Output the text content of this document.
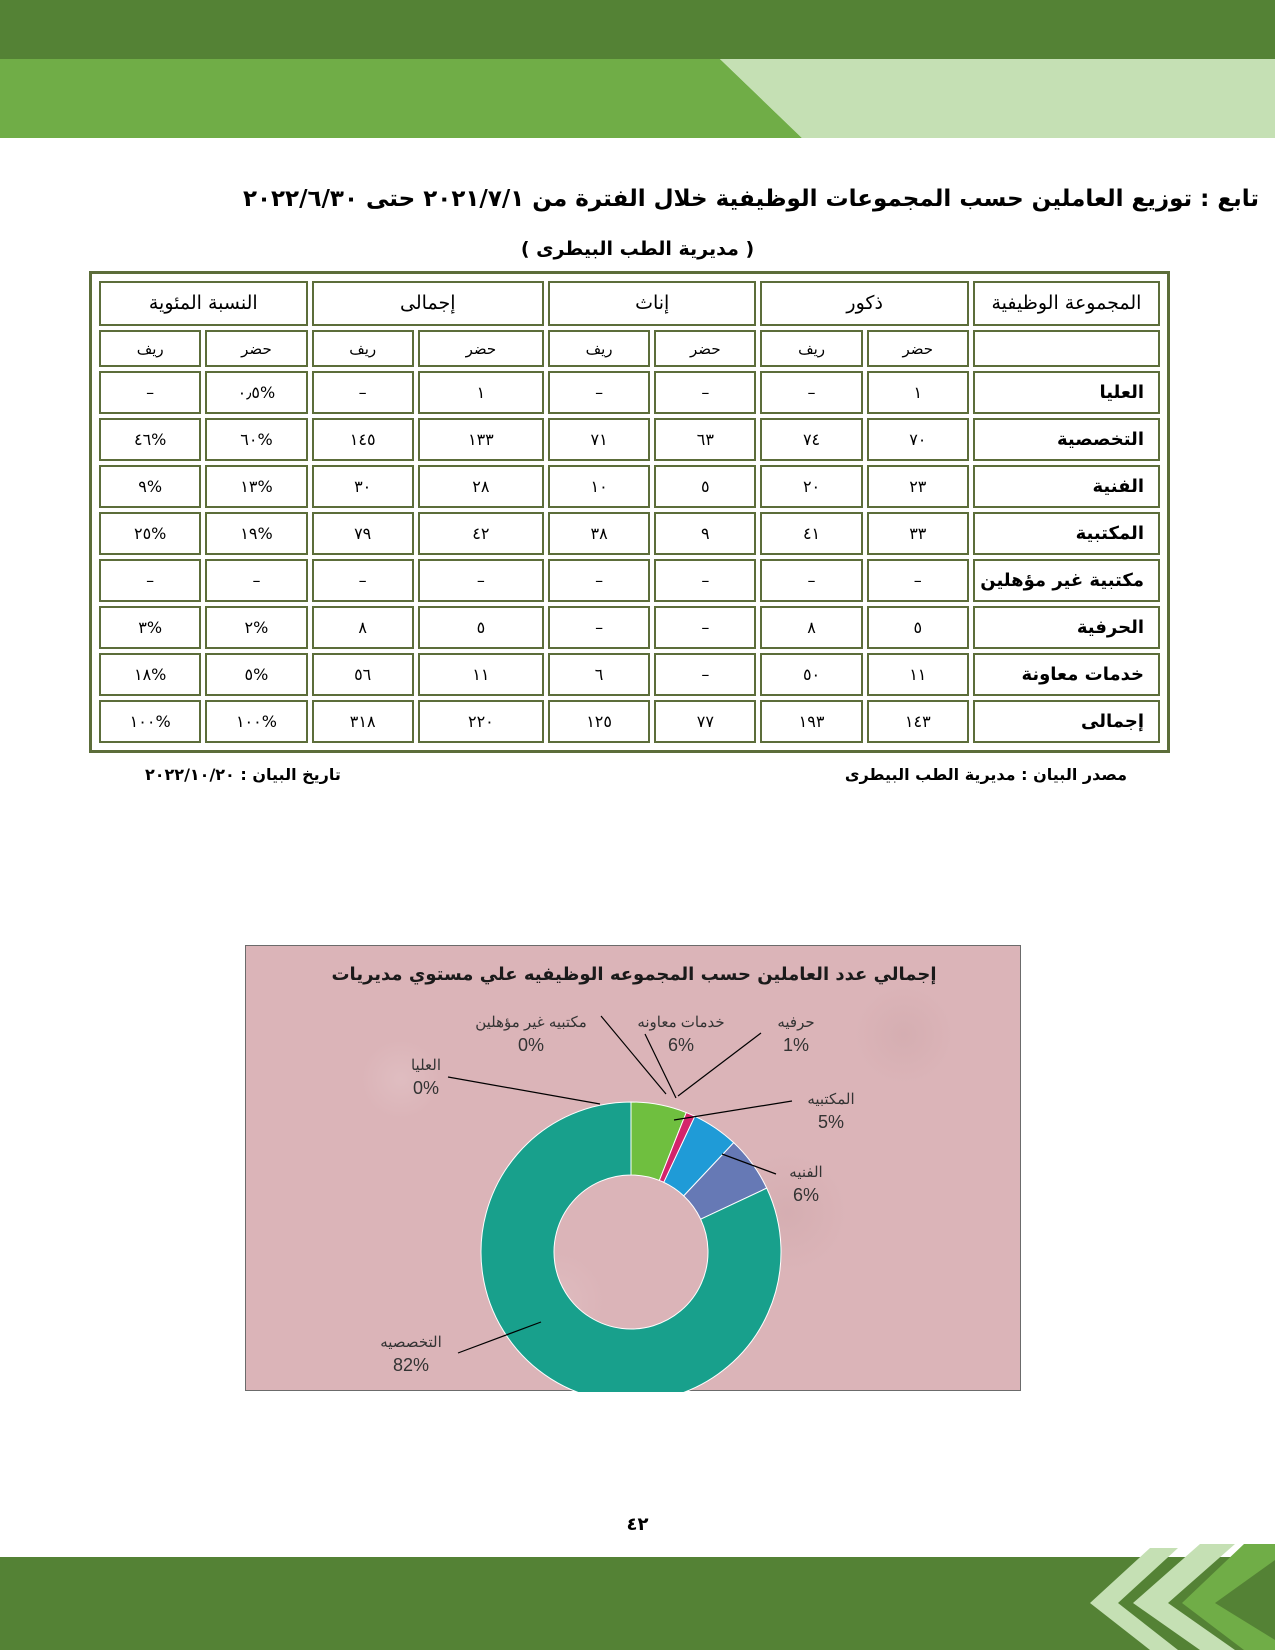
تابع : توزيع العاملين حسب المجموعات الوظيفية خلال الفترة من ٢٠٢١/٧/١ حتى ٢٠٢٢/٦/٣٠
( مديرية الطب البيطرى )
المجموعة الوظيفية	ذكور		إناث		إجمالى		النسبة المئوية	
	حضر	ريف	حضر	ريف	حضر	ريف	حضر	ريف
العليا	١	–	–	–	١	–	%٠٫٥	–
التخصصية	٧٠	٧٤	٦٣	٧١	١٣٣	١٤٥	%٦٠	%٤٦
الفنية	٢٣	٢٠	٥	١٠	٢٨	٣٠	%١٣	%٩
المكتبية	٣٣	٤١	٩	٣٨	٤٢	٧٩	%١٩	%٢٥
مكتبية غير مؤهلين	–	–	–	–	–	–	–	–
الحرفية	٥	٨	–	–	٥	٨	%٢	%٣
خدمات معاونة	١١	٥٠	–	٦	١١	٥٦	%٥	%١٨
إجمالى	١٤٣	١٩٣	٧٧	١٢٥	٢٢٠	٣١٨	%١٠٠	%١٠٠
مصدر البيان : مديرية الطب البيطرى
تاريخ البيان : ٢٠٢٢/١٠/٢٠
إجمالي عدد العاملين حسب المجموعه الوظيفيه علي مستوي مديريات
خدمات معاونه
6%
حرفيه
1%
المكتبيه
5%
الفنيه
6%
التخصصيه
82%
العليا
0%
مكتبيه غير مؤهلين
0%
٤٢
